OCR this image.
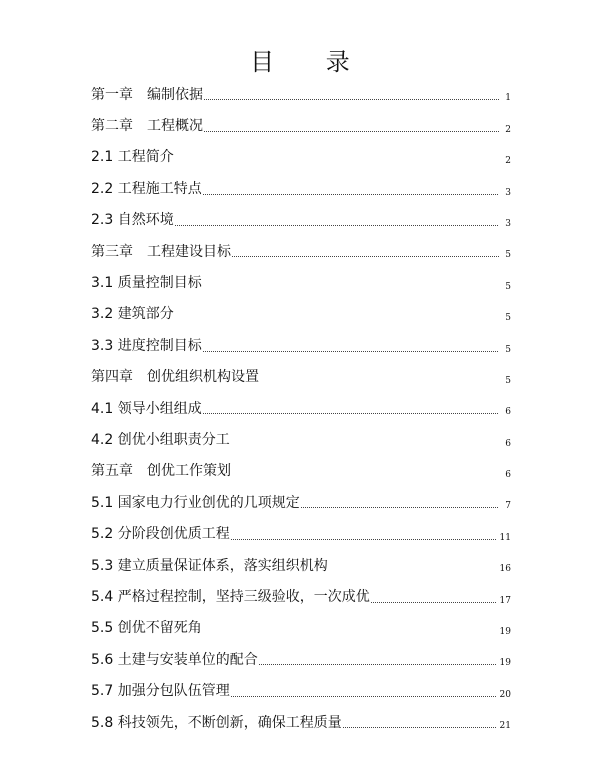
目 录
第一章　编制依据	1
第二章　工程概况	2
2.1 工程简介	2
2.2 工程施工特点	3
2.3 自然环境	3
第三章　工程建设目标	5
3.1 质量控制目标	5
3.2 建筑部分	5
3.3 进度控制目标	5
第四章　创优组织机构设置	5
4.1 领导小组组成	6
4.2 创优小组职责分工	6
第五章　创优工作策划	6
5.1 国家电力行业创优的几项规定	7
5.2 分阶段创优质工程	11
5.3 建立质量保证体系，落实组织机构	16
5.4 严格过程控制，坚持三级验收，一次成优	17
5.5 创优不留死角	19
5.6 土建与安装单位的配合	19
5.7 加强分包队伍管理	20
5.8 科技领先，不断创新，确保工程质量	21
